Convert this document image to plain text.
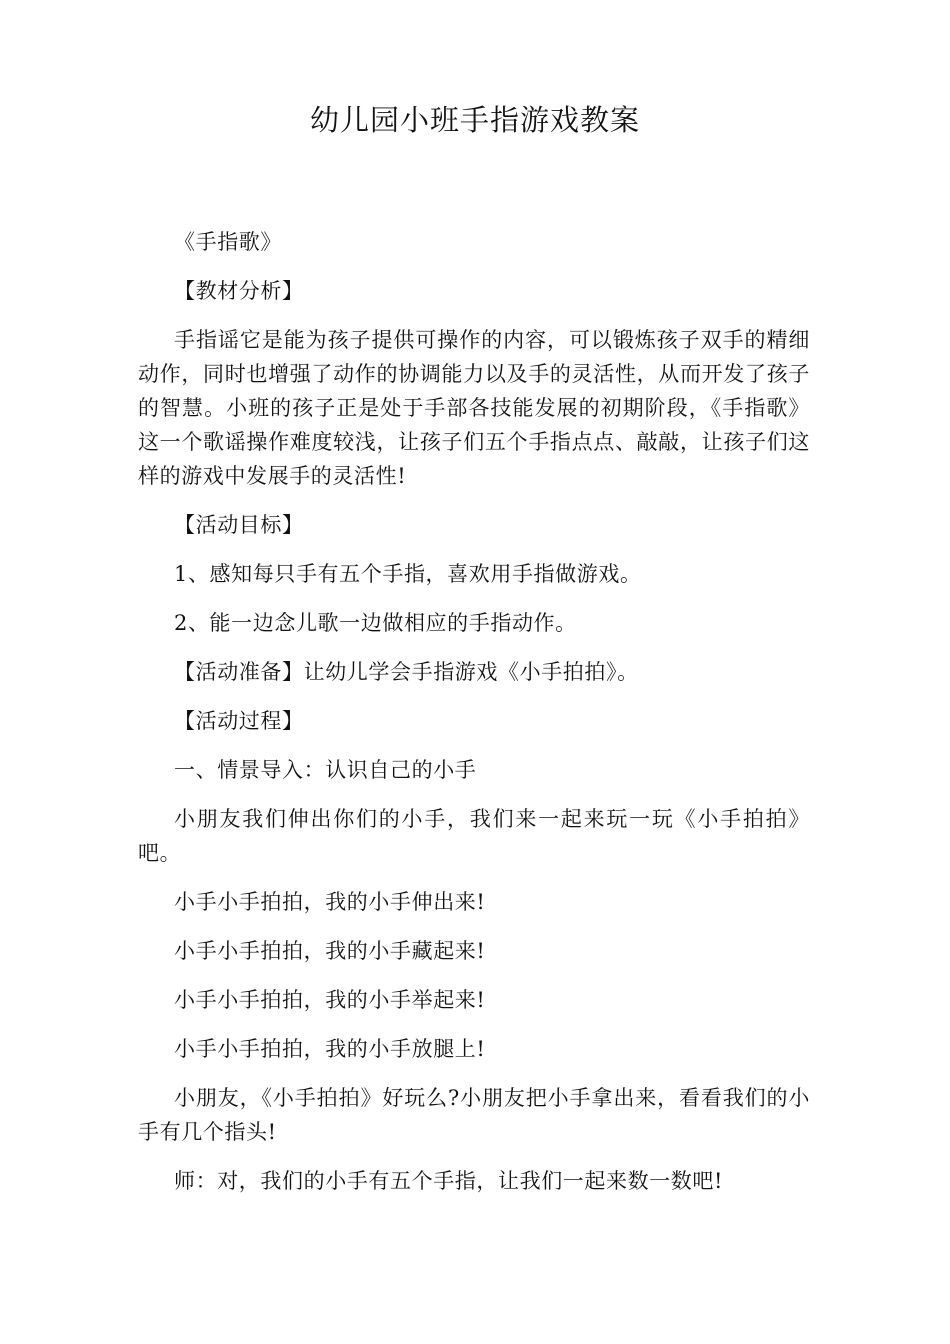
幼儿园小班手指游戏教案

《手指歌》

【教材分析】

手指谣它是能为孩子提供可操作的内容，可以锻炼孩子双手的精细动作，同时也增强了动作的协调能力以及手的灵活性，从而开发了孩子的智慧。小班的孩子正是处于手部各技能发展的初期阶段，《手指歌》这一个歌谣操作难度较浅，让孩子们五个手指点点、敲敲，让孩子们这样的游戏中发展手的灵活性!

【活动目标】

1、感知每只手有五个手指，喜欢用手指做游戏。

2、能一边念儿歌一边做相应的手指动作。

【活动准备】让幼儿学会手指游戏《小手拍拍》。

【活动过程】

一、情景导入：认识自己的小手

小朋友我们伸出你们的小手，我们来一起来玩一玩《小手拍拍》吧。

小手小手拍拍，我的小手伸出来!

小手小手拍拍，我的小手藏起来!

小手小手拍拍，我的小手举起来!

小手小手拍拍，我的小手放腿上!

小朋友，《小手拍拍》好玩么?小朋友把小手拿出来，看看我们的小手有几个指头!

师：对，我们的小手有五个手指，让我们一起来数一数吧!
